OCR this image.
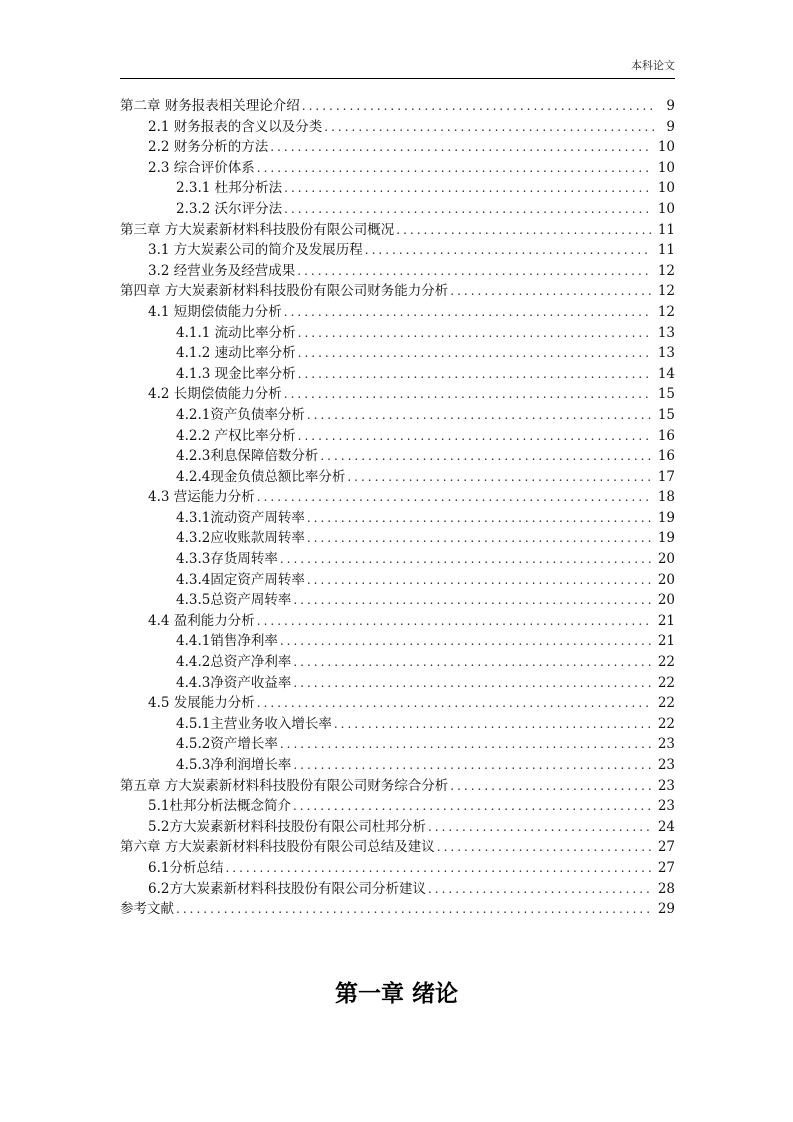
本科论文
第二章 财务报表相关理论介绍 .....	9
2.1 财务报表的含义以及分类 .....	9
2.2 财务分析的方法 .....	10
2.3 综合评价体系 .....	10
2.3.1 杜邦分析法 .....	10
2.3.2 沃尔评分法 .....	10
第三章 方大炭素新材料科技股份有限公司概况 .....	11
3.1 方大炭素公司的简介及发展历程 .....	11
3.2 经营业务及经营成果 .....	12
第四章 方大炭素新材料科技股份有限公司财务能力分析 .....	12
4.1 短期偿债能力分析 .....	12
4.1.1 流动比率分析 .....	13
4.1.2 速动比率分析 .....	13
4.1.3 现金比率分析 .....	14
4.2 长期偿债能力分析 .....	15
4.2.1资产负债率分析 .....	15
4.2.2 产权比率分析 .....	16
4.2.3利息保障倍数分析 .....	16
4.2.4现金负债总额比率分析 .....	17
4.3 营运能力分析 .....	18
4.3.1流动资产周转率 .....	19
4.3.2应收账款周转率 .....	19
4.3.3存货周转率 .....	20
4.3.4固定资产周转率 .....	20
4.3.5总资产周转率 .....	20
4.4 盈利能力分析 .....	21
4.4.1销售净利率 .....	21
4.4.2总资产净利率 .....	22
4.4.3净资产收益率 .....	22
4.5 发展能力分析 .....	22
4.5.1主营业务收入增长率 .....	22
4.5.2资产增长率 .....	23
4.5.3净利润增长率 .....	23
第五章 方大炭素新材料科技股份有限公司财务综合分析 .....	23
5.1杜邦分析法概念简介 .....	23
5.2方大炭素新材料科技股份有限公司杜邦分析 .....	24
第六章 方大炭素新材料科技股份有限公司总结及建议 .....	27
6.1分析总结 .....	27
6.2方大炭素新材料科技股份有限公司分析建议 .....	28
参考文献 .....	29
第一章 绪论
